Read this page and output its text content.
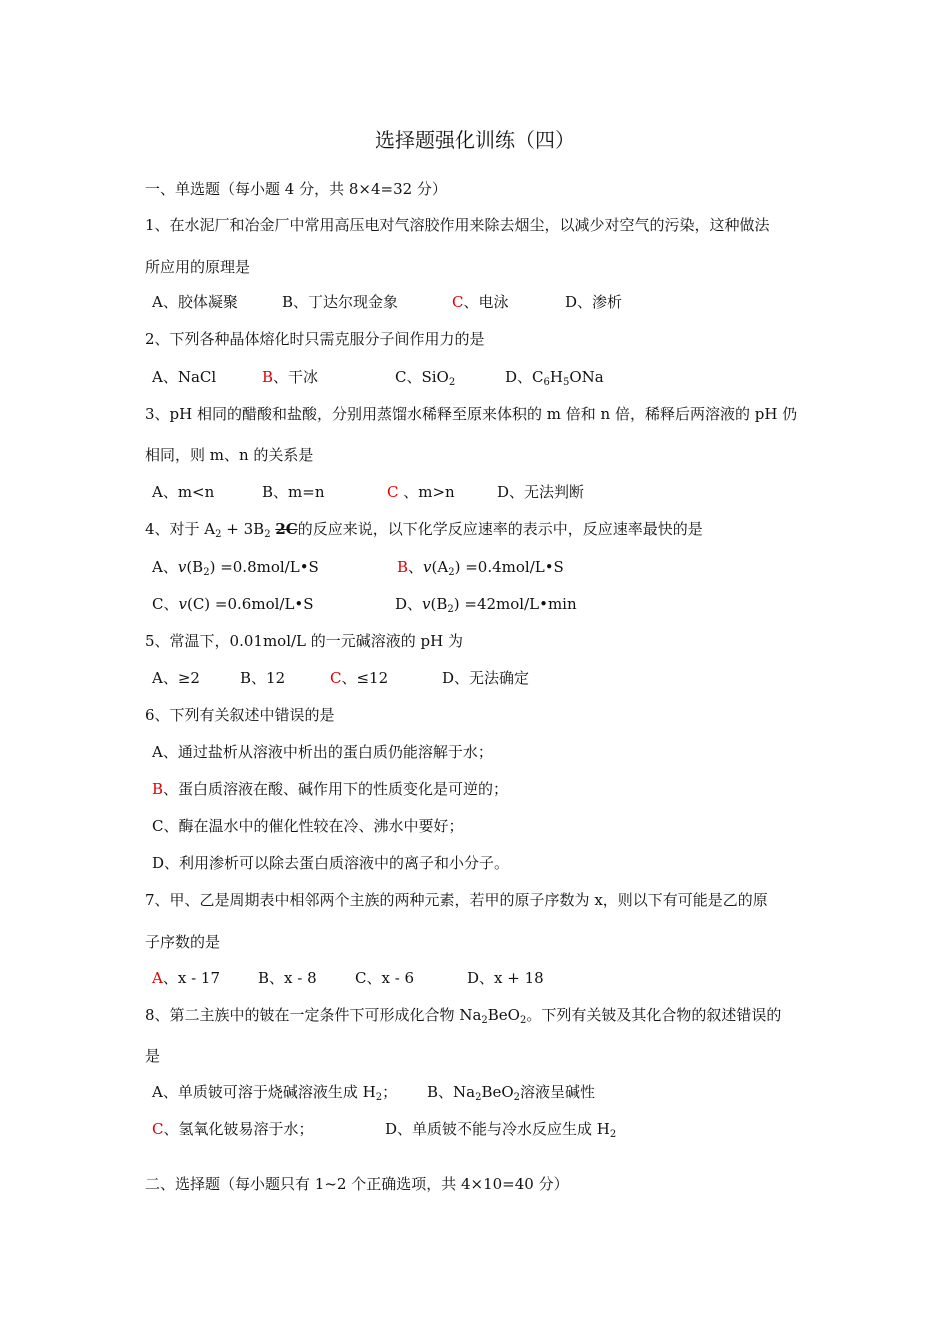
选择题强化训练（四）
一、单选题（每小题 4 分，共 8×4=32 分）
1、在水泥厂和冶金厂中常用高压电对气溶胶作用来除去烟尘，以减少对空气的污染，这种做法
所应用的原理是
A、胶体凝聚	B、丁达尔现金象	C、电泳	D、渗析
2、下列各种晶体熔化时只需克服分子间作用力的是
A、NaCl	B、干冰	C、SiO$_2$	D、$C_6H_5ONa$
3、pH 相同的醋酸和盐酸，分别用蒸馏水稀释至原来体积的 m 倍和 n 倍，稀释后两溶液的 pH 仍
相同，则 m、n 的关系是
A、m<n	B、m=n	C 、m>n	D、无法判断
4、对于 $A_2 + 3B_2$ 2C的反应来说，以下化学反应速率的表示中，反应速率最快的是
A、$v(B_2)$ =0.8mol/L•S	B、$v(A_2)$ =0.4mol/L•S
C、v(C) =0.6mol/L•S	D、$v(B_2)$ =42mol/L•min
5、常温下，0.01mol/L 的一元碱溶液的 pH 为
A、≥2	B、12	C、≤12	D、无法确定
6、下列有关叙述中错误的是
A、通过盐析从溶液中析出的蛋白质仍能溶解于水；
B、蛋白质溶液在酸、碱作用下的性质变化是可逆的；
C、酶在温水中的催化性较在冷、沸水中要好；
D、利用渗析可以除去蛋白质溶液中的离子和小分子。
7、甲、乙是周期表中相邻两个主族的两种元素，若甲的原子序数为 x，则以下有可能是乙的原
子序数的是
A、x - 17	B、x - 8	C、x - 6	D、x + 18
8、第二主族中的铍在一定条件下可形成化合物 $Na_2BeO_2$。下列有关铍及其化合物的叙述错误的
是
A、单质铍可溶于烧碱溶液生成 $H_2$； B、$Na_2BeO_2$溶液呈碱性
C、氢氧化铍易溶于水；	D、单质铍不能与冷水反应生成 $H_2$
二、选择题（每小题只有 1~2 个正确选项，共 4×10=40 分）
